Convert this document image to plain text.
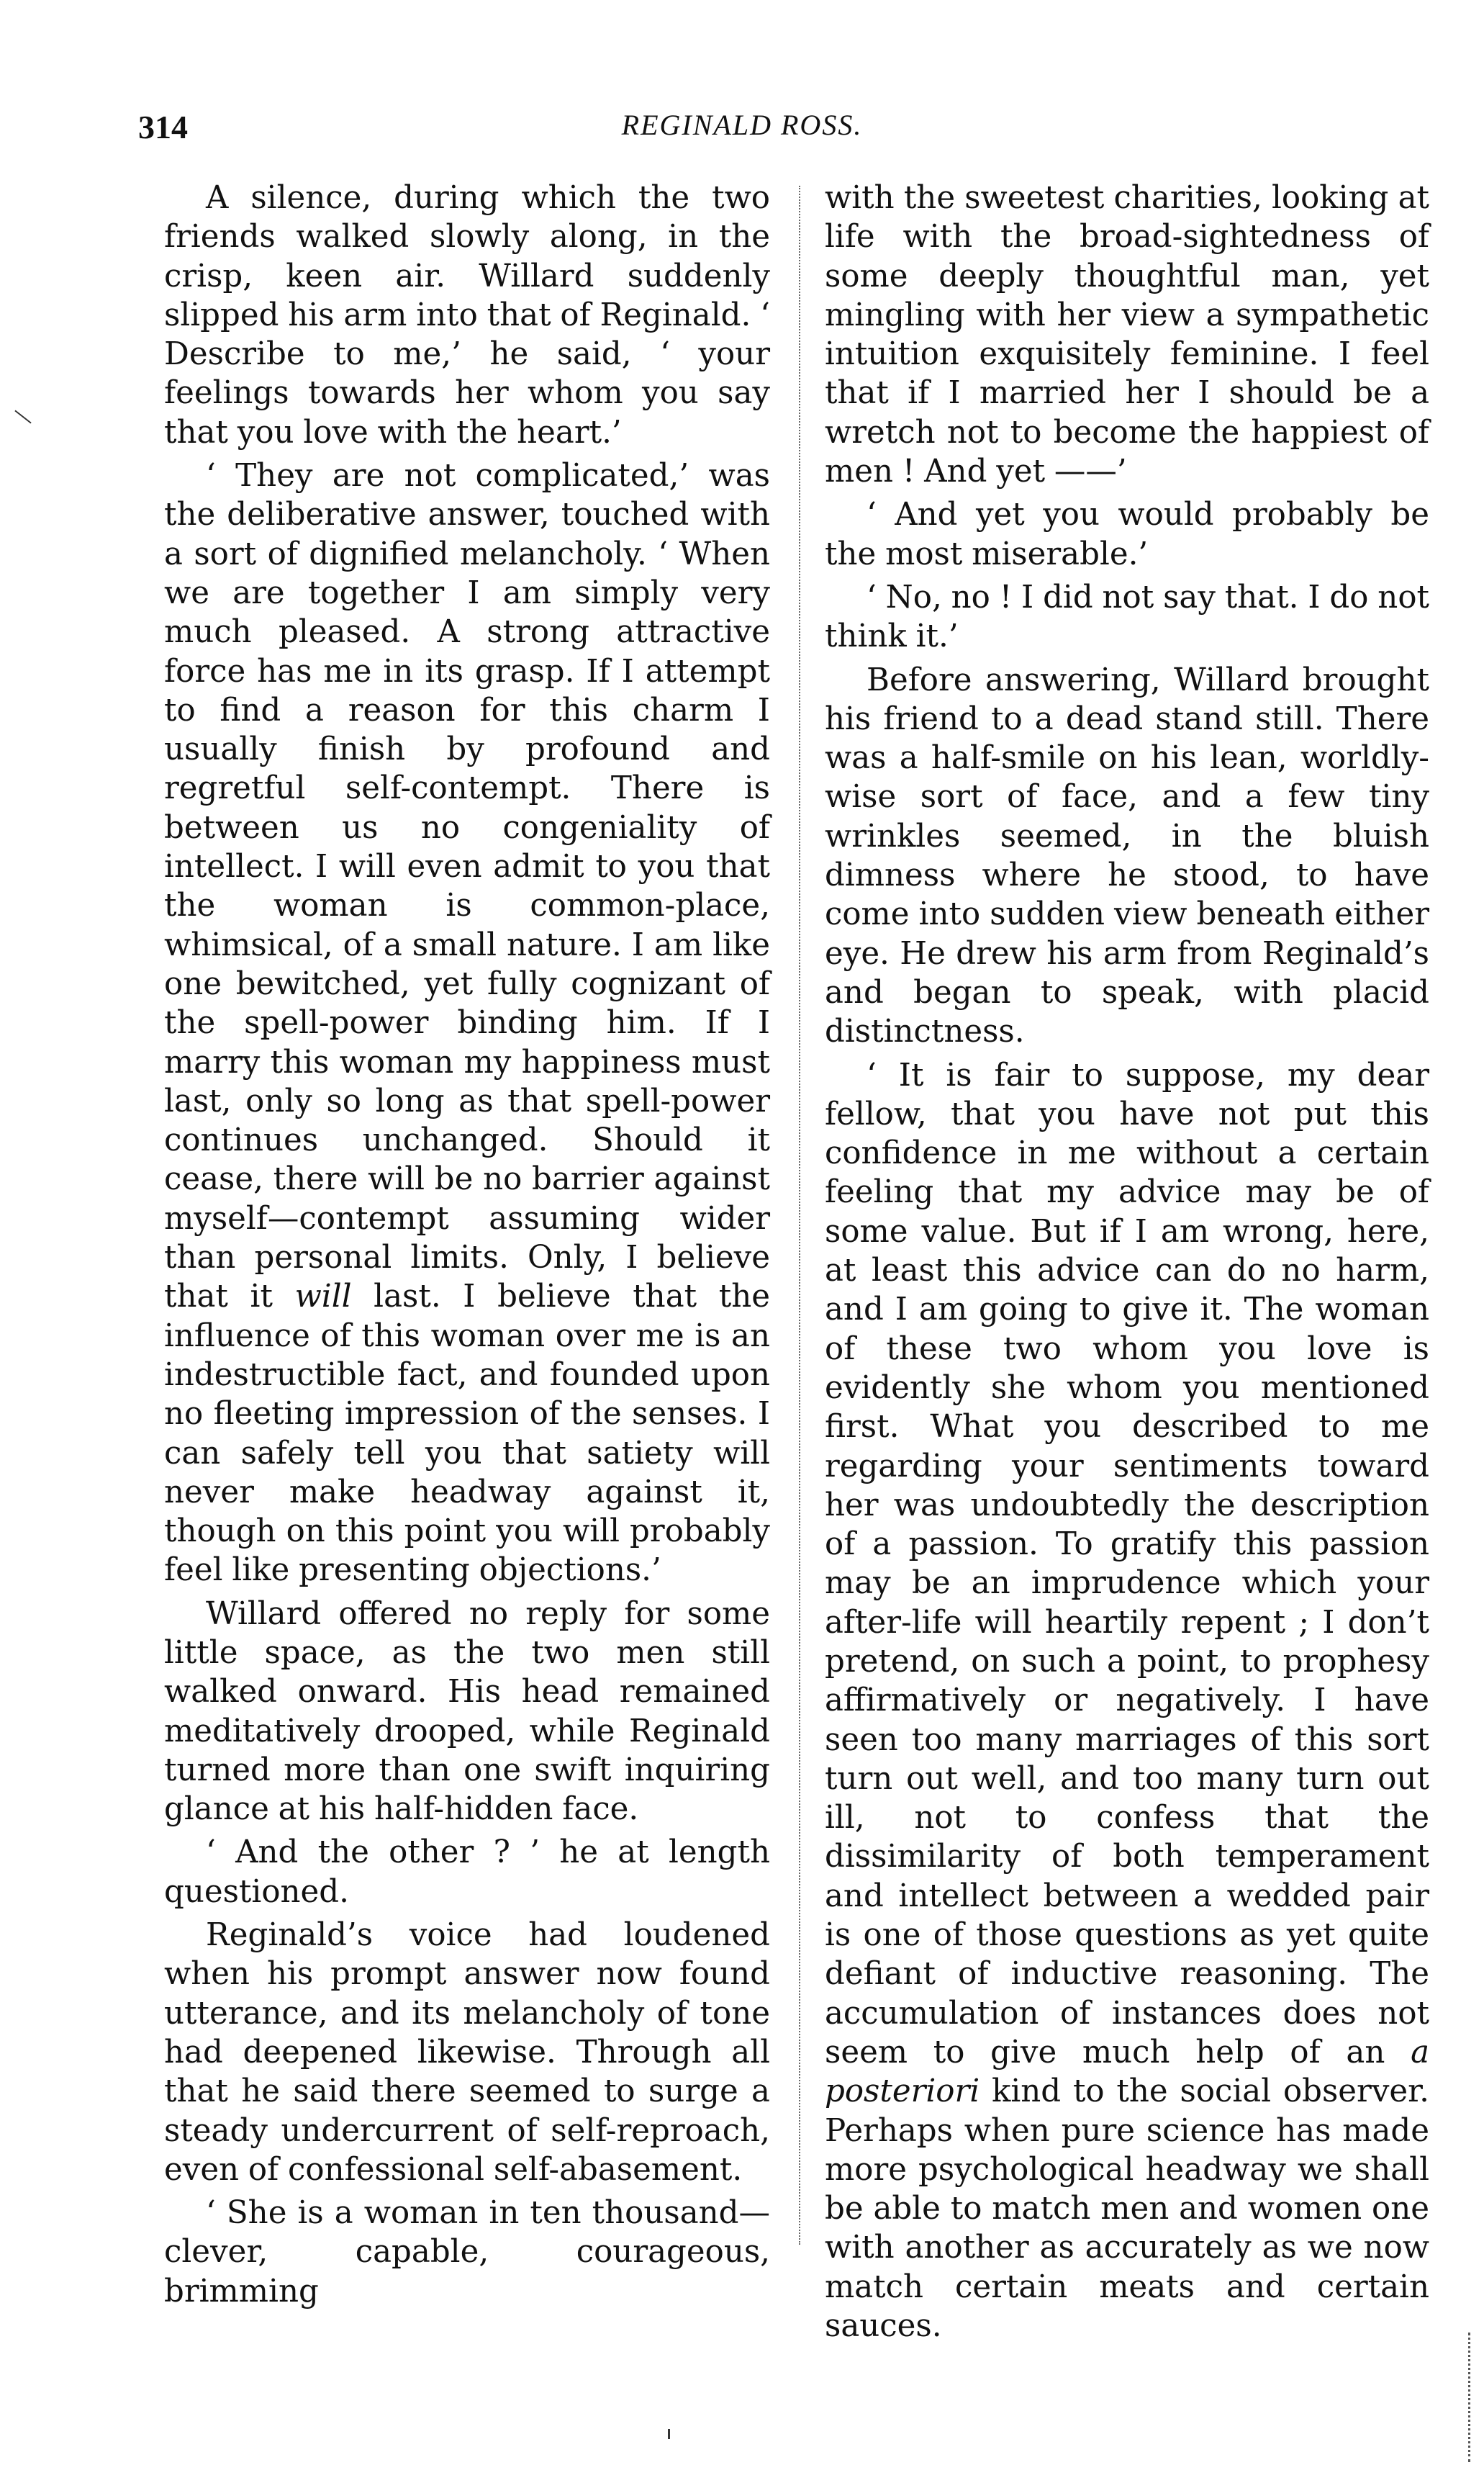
314	REGINALD ROSS.

A silence, during which the two friends walked slowly along, in the crisp, keen air. Willard suddenly slipped his arm into that of Reginald. ‘ Describe to me,’ he said, ‘ your feelings towards her whom you say that you love with the heart.’

‘ They are not complicated,’ was the deliberative answer, touched with a sort of dignified melancholy. ‘ When we are together I am simply very much pleased. A strong attractive force has me in its grasp. If I attempt to find a reason for this charm I usually finish by profound and regretful self-contempt. There is between us no congeniality of intellect. I will even admit to you that the woman is common-place, whimsical, of a small nature. I am like one bewitched, yet fully cognizant of the spell-power binding him. If I marry this woman my happiness must last, only so long as that spell-power continues unchanged. Should it cease, there will be no barrier against myself—contempt assuming wider than personal limits. Only, I believe that it will last. I believe that the influence of this woman over me is an indestructible fact, and founded upon no fleeting impression of the senses. I can safely tell you that satiety will never make headway against it, though on this point you will probably feel like presenting objections.’

Willard offered no reply for some little space, as the two men still walked onward. His head remained meditatively drooped, while Reginald turned more than one swift inquiring glance at his half-hidden face.

‘ And the other ? ’ he at length questioned.

Reginald’s voice had loudened when his prompt answer now found utterance, and its melancholy of tone had deepened likewise. Through all that he said there seemed to surge a steady undercurrent of self-reproach, even of confessional self-abasement.

‘ She is a woman in ten thousand— clever, capable, courageous, brimming

with the sweetest charities, looking at life with the broad-sightedness of some deeply thoughtful man, yet mingling with her view a sympathetic intuition exquisitely feminine. I feel that if I married her I should be a wretch not to become the happiest of men ! And yet ——’

‘ And yet you would probably be the most miserable.’

‘ No, no ! I did not say that. I do not think it.’

Before answering, Willard brought his friend to a dead stand still. There was a half-smile on his lean, worldly-wise sort of face, and a few tiny wrinkles seemed, in the bluish dimness where he stood, to have come into sudden view beneath either eye. He drew his arm from Reginald’s and began to speak, with placid distinctness.

‘ It is fair to suppose, my dear fellow, that you have not put this confidence in me without a certain feeling that my advice may be of some value. But if I am wrong, here, at least this advice can do no harm, and I am going to give it. The woman of these two whom you love is evidently she whom you mentioned first. What you described to me regarding your sentiments toward her was undoubtedly the description of a passion. To gratify this passion may be an imprudence which your after-life will heartily repent ; I don’t pretend, on such a point, to prophesy affirmatively or negatively. I have seen too many marriages of this sort turn out well, and too many turn out ill, not to confess that the dissimilarity of both temperament and intellect between a wedded pair is one of those questions as yet quite defiant of inductive reasoning. The accumulation of instances does not seem to give much help of an a posteriori kind to the social observer. Perhaps when pure science has made more psychological headway we shall be able to match men and women one with another as accurately as we now match certain meats and certain sauces.
